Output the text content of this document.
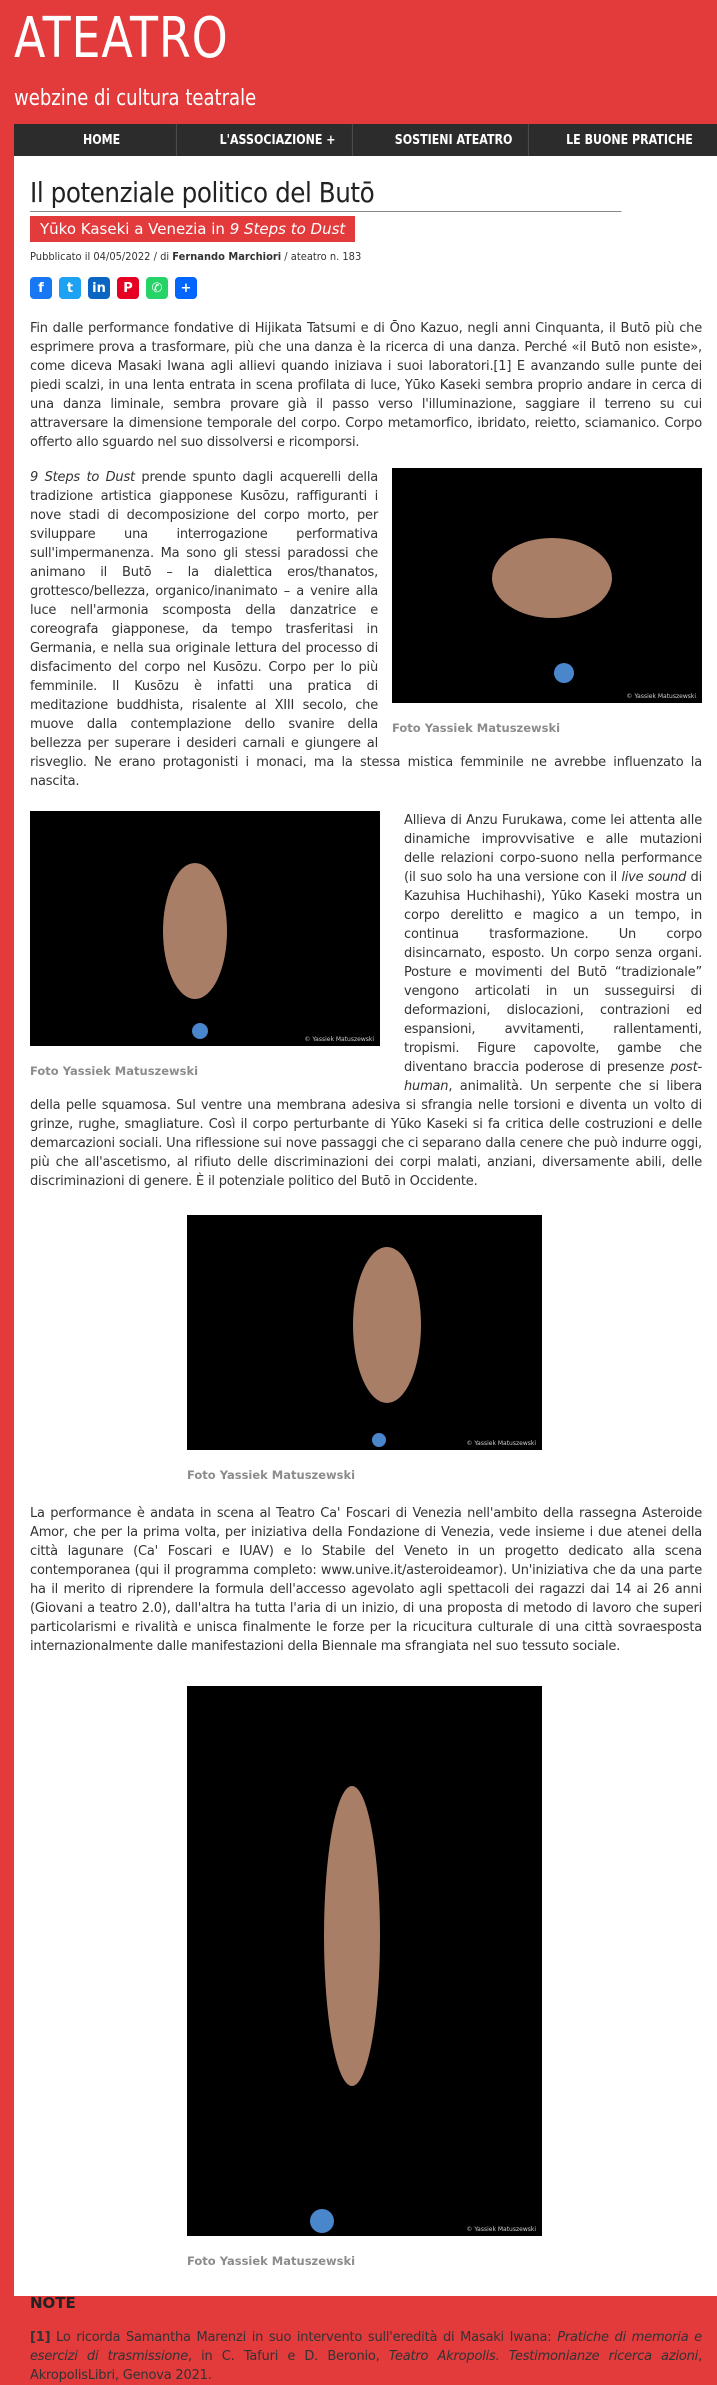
ATEATRO
webzine di cultura teatrale
HOME	L'ASSOCIAZIONE +	SOSTIENI ATEATRO	LE BUONE PRATICHE
Il potenziale politico del Butō
Yūko Kaseki a Venezia in 9 Steps to Dust
Pubblicato il 04/05/2022 / di Fernando Marchiori / ateatro n. 183
f	t	in	P	✆	+

Fin dalle performance fondative di Hijikata Tatsumi e di Ōno Kazuo, negli anni Cinquanta, il Butō più che esprimere prova a trasformare, più che una danza è la ricerca di una danza. Perché «il Butō non esiste», come diceva Masaki Iwana agli allievi quando iniziava i suoi laboratori.[1] E avanzando sulle punte dei piedi scalzi, in una lenta entrata in scena profilata di luce, Yūko Kaseki sembra proprio andare in cerca di una danza liminale, sembra provare già il passo verso l'illuminazione, saggiare il terreno su cui attraversare la dimensione temporale del corpo. Corpo metamorfico, ibridato, reietto, sciamanico. Corpo offerto allo sguardo nel suo dissolversi e ricomporsi.

© Yassiek Matuszewski
Foto Yassiek Matuszewski

9 Steps to Dust prende spunto dagli acquerelli della tradizione artistica giapponese Kusōzu, raffiguranti i nove stadi di decomposizione del corpo morto, per sviluppare una interrogazione performativa sull'impermanenza. Ma sono gli stessi paradossi che animano il Butō – la dialettica eros/thanatos, grottesco/bellezza, organico/inanimato – a venire alla luce nell'armonia scomposta della danzatrice e coreografa giapponese, da tempo trasferitasi in Germania, e nella sua originale lettura del processo di disfacimento del corpo nel Kusōzu. Corpo per lo più femminile. Il Kusōzu è infatti una pratica di meditazione buddhista, risalente al XIII secolo, che muove dalla contemplazione dello svanire della bellezza per superare i desideri carnali e giungere al risveglio. Ne erano protagonisti i monaci, ma la stessa mistica femminile ne avrebbe influenzato la nascita.

© Yassiek Matuszewski
Foto Yassiek Matuszewski

Allieva di Anzu Furukawa, come lei attenta alle dinamiche improvvisative e alle mutazioni delle relazioni corpo-suono nella performance (il suo solo ha una versione con il live sound di Kazuhisa Huchihashi), Yūko Kaseki mostra un corpo derelitto e magico a un tempo, in continua trasformazione. Un corpo disincarnato, esposto. Un corpo senza organi. Posture e movimenti del Butō “tradizionale” vengono articolati in un susseguirsi di deformazioni, dislocazioni, contrazioni ed espansioni, avvitamenti, rallentamenti, tropismi. Figure capovolte, gambe che diventano braccia poderose di presenze post-human, animalità. Un serpente che si libera della pelle squamosa. Sul ventre una membrana adesiva si sfrangia nelle torsioni e diventa un volto di grinze, rughe, smagliature. Così il corpo perturbante di Yūko Kaseki si fa critica delle costruzioni e delle demarcazioni sociali. Una riflessione sui nove passaggi che ci separano dalla cenere che può indurre oggi, più che all'ascetismo, al rifiuto delle discriminazioni dei corpi malati, anziani, diversamente abili, delle discriminazioni di genere. È il potenziale politico del Butō in Occidente.

© Yassiek Matuszewski
Foto Yassiek Matuszewski

La performance è andata in scena al Teatro Ca' Foscari di Venezia nell'ambito della rassegna Asteroide Amor, che per la prima volta, per iniziativa della Fondazione di Venezia, vede insieme i due atenei della città lagunare (Ca' Foscari e IUAV) e lo Stabile del Veneto in un progetto dedicato alla scena contemporanea (qui il programma completo: www.unive.it/asteroideamor). Un'iniziativa che da una parte ha il merito di riprendere la formula dell'accesso agevolato agli spettacoli dei ragazzi dai 14 ai 26 anni (Giovani a teatro 2.0), dall'altra ha tutta l'aria di un inizio, di una proposta di metodo di lavoro che superi particolarismi e rivalità e unisca finalmente le forze per la ricucitura culturale di una città sovraesposta internazionalmente dalle manifestazioni della Biennale ma sfrangiata nel suo tessuto sociale.

© Yassiek Matuszewski
Foto Yassiek Matuszewski
NOTE

[1] Lo ricorda Samantha Marenzi in suo intervento sull'eredità di Masaki Iwana: Pratiche di memoria e esercizi di trasmissione, in C. Tafuri e D. Beronio, Teatro Akropolis. Testimonianze ricerca azioni, AkropolisLibri, Genova 2021.
